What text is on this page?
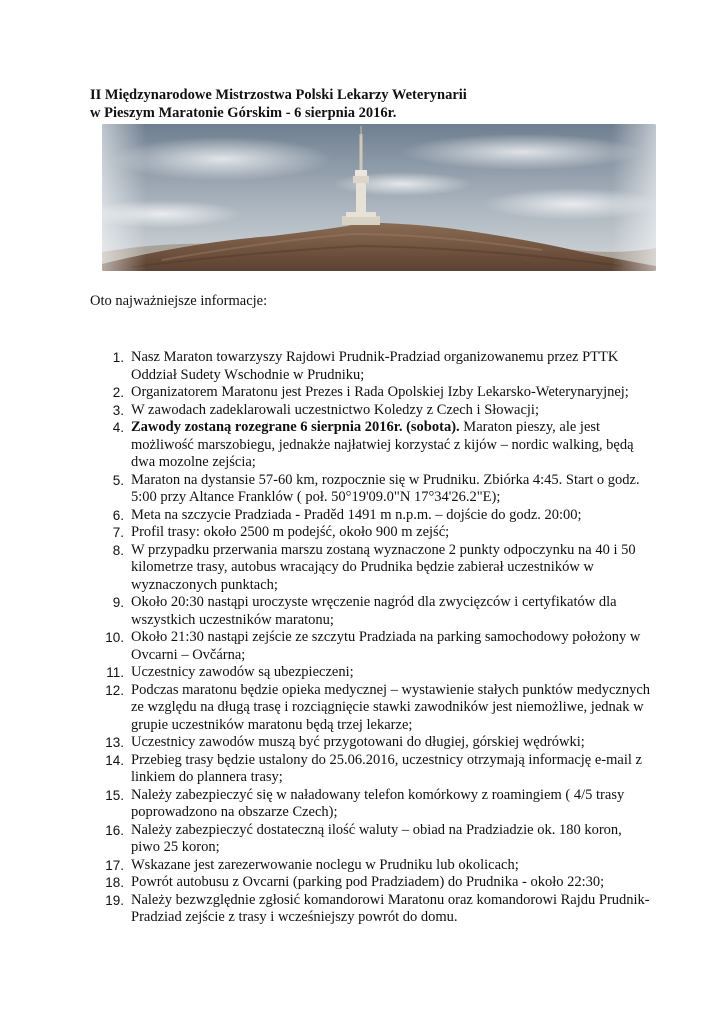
II Międzynarodowe Mistrzostwa Polski Lekarzy Weterynarii
w Pieszym Maratonie Górskim - 6 sierpnia 2016r.
Oto najważniejsze informacje:
1. Nasz Maraton towarzyszy Rajdowi Prudnik-Pradziad organizowanemu przez PTTK Oddział Sudety Wschodnie w Prudniku;
2. Organizatorem Maratonu jest Prezes i Rada Opolskiej Izby Lekarsko-Weterynaryjnej;
3. W zawodach zadeklarowali uczestnictwo Koledzy z Czech i Słowacji;
4. Zawody zostaną rozegrane 6 sierpnia 2016r. (sobota). Maraton pieszy, ale jest możliwość marszobiegu, jednakże najłatwiej korzystać z kijów – nordic walking, będą dwa mozolne zejścia;
5. Maraton na dystansie 57-60 km, rozpocznie się w Prudniku. Zbiórka 4:45. Start o godz. 5:00 przy Altance Franklów ( poł. 50°19'09.0"N 17°34'26.2"E);
6. Meta na szczycie Pradziada - Praděd 1491 m n.p.m. – dojście do godz. 20:00;
7. Profil trasy: około 2500 m podejść, około 900 m zejść;
8. W przypadku przerwania marszu zostaną wyznaczone 2 punkty odpoczynku na 40 i 50 kilometrze trasy, autobus wracający do Prudnika będzie zabierał uczestników w wyznaczonych punktach;
9. Około 20:30 nastąpi uroczyste wręczenie nagród dla zwycięzców i certyfikatów dla wszystkich uczestników maratonu;
10. Około 21:30 nastąpi zejście ze szczytu Pradziada na parking samochodowy położony w Ovcarni – Ovčárna;
11. Uczestnicy zawodów są ubezpieczeni;
12. Podczas maratonu będzie opieka medycznej – wystawienie stałych punktów medycznych ze względu na długą trasę i rozciągnięcie stawki zawodników jest niemożliwe, jednak w grupie uczestników maratonu będą trzej lekarze;
13. Uczestnicy zawodów muszą być przygotowani do długiej, górskiej wędrówki;
14. Przebieg trasy będzie ustalony do 25.06.2016, uczestnicy otrzymają informację e-mail z linkiem do plannera trasy;
15. Należy zabezpieczyć się w naładowany telefon komórkowy z roamingiem ( 4/5 trasy poprowadzono na obszarze Czech);
16. Należy zabezpieczyć dostateczną ilość waluty – obiad na Pradziadzie ok. 180 koron, piwo 25 koron;
17. Wskazane jest zarezerwowanie noclegu w Prudniku lub okolicach;
18. Powrót autobusu z Ovcarni (parking pod Pradziadem) do Prudnika - około 22:30;
19. Należy bezwzględnie zgłosić komandorowi Maratonu oraz komandorowi Rajdu Prudnik-Pradziad zejście z trasy i wcześniejszy powrót do domu.
